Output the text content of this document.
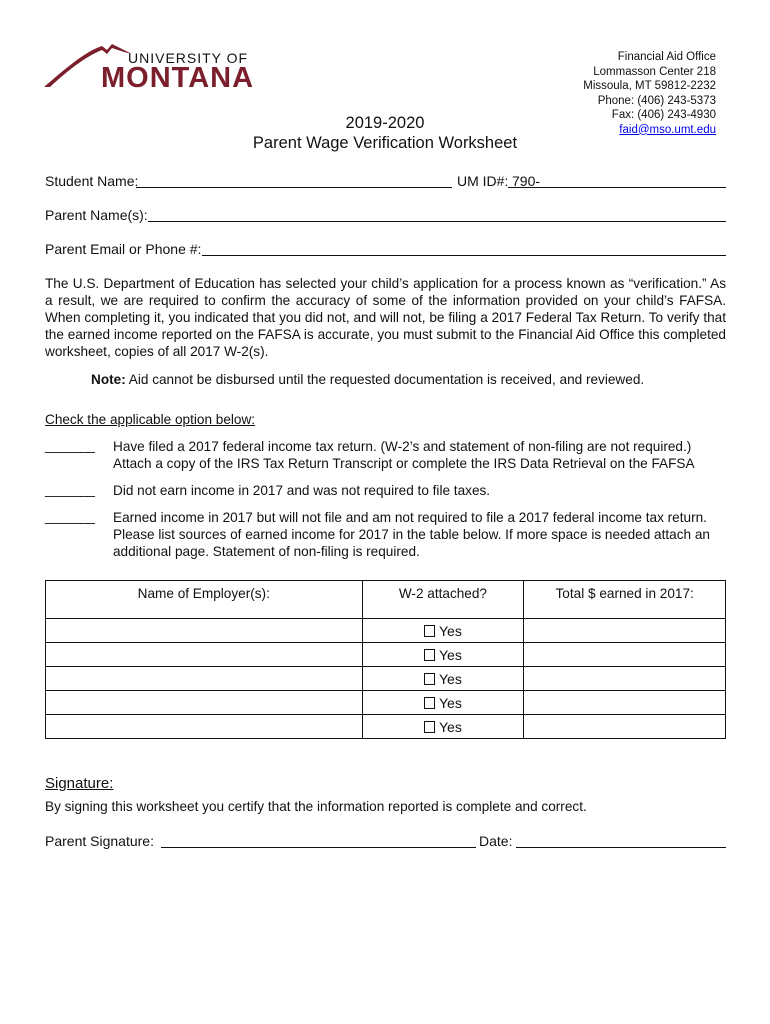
UNIVERSITY OF
MONTANA
Financial Aid Office
Lommasson Center 218
Missoula, MT 59812-2232
Phone: (406) 243-5373
Fax: (406) 243-4930
faid@mso.umt.edu
2019-2020
Parent Wage Verification Worksheet
Student Name:	UM ID#: 790-
Parent Name(s):
Parent Email or Phone #:
The U.S. Department of Education has selected your child’s application for a process known as “verification.” As a result, we are required to confirm the accuracy of some of the information provided on your child’s FAFSA. When completing it, you indicated that you did not, and will not, be filing a 2017 Federal Tax Return. To verify that the earned income reported on the FAFSA is accurate, you must submit to the Financial Aid Office this completed worksheet, copies of all 2017 W-2(s).
Note: Aid cannot be disbursed until the requested documentation is received, and reviewed.
Check the applicable option below:
_______ Have filed a 2017 federal income tax return. (W-2’s and statement of non-filing are not required.) Attach a copy of the IRS Tax Return Transcript or complete the IRS Data Retrieval on the FAFSA
_______ Did not earn income in 2017 and was not required to file taxes.
_______ Earned income in 2017 but will not file and am not required to file a 2017 federal income tax return. Please list sources of earned income for 2017 in the table below. If more space is needed attach an additional page. Statement of non-filing is required.
Name of Employer(s):	W-2 attached?	Total $ earned in 2017:

	Yes	

	Yes	

	Yes	

	Yes	

	Yes	

Signature:
By signing this worksheet you certify that the information reported is complete and correct.
Parent Signature:	Date:
